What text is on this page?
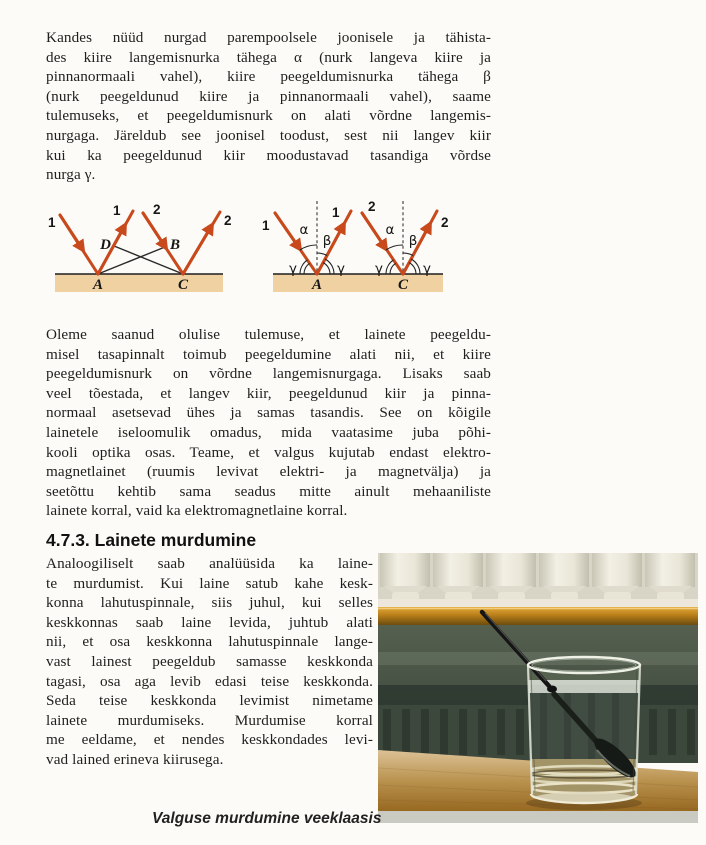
Kandes nüüd nurgad parempoolsele joonisele ja tähista-
des kiire langemisnurka tähega α (nurk langeva kiire ja
pinnanormaali vahel), kiire peegeldumisnurka tähega β
(nurk peegeldunud kiire ja pinnanormaali vahel), saame
tulemuseks, et peegeldumisnurk on alati võrdne langemis-
nurgaga. Järeldub see joonisel toodust, sest nii langev kiir
kui ka peegeldunud kiir moodustavad tasandiga võrdse
nurga γ.
1
1 2
2
D	B
A	C
1
1 2
2
α
β
γ	γ
α
β
γ	γ
A	C
Oleme saanud olulise tulemuse, et lainete peegeldu-
misel tasapinnalt toimub peegeldumine alati nii, et kiire
peegeldumisnurk on võrdne langemisnurgaga. Lisaks saab
veel tõestada, et langev kiir, peegeldunud kiir ja pinna-
normaal asetsevad ühes ja samas tasandis. See on kõigile
lainetele iseloomulik omadus, mida vaatasime juba põhi-
kooli optika osas. Teame, et valgus kujutab endast elektro-
magnetlainet (ruumis levivat elektri- ja magnetvälja) ja
seetõttu kehtib sama seadus mitte ainult mehaaniliste
lainete korral, vaid ka elektromagnetlaine korral.
4.7.3. Lainete murdumine
Analoogiliselt saab analüüsida ka laine-
te murdumist. Kui laine satub kahe kesk-
konna lahutuspinnale, siis juhul, kui selles
keskkonnas saab laine levida, juhtub alati
nii, et osa keskkonna lahutuspinnale lange-
vast lainest peegeldub samasse keskkonda
tagasi, osa aga levib edasi teise keskkonda.
Seda teise keskkonda levimist nimetame
lainete murdumiseks. Murdumise korral
me eeldame, et nendes keskkondades levi-
vad lained erineva kiirusega.
Valguse murdumine veeklaasis
